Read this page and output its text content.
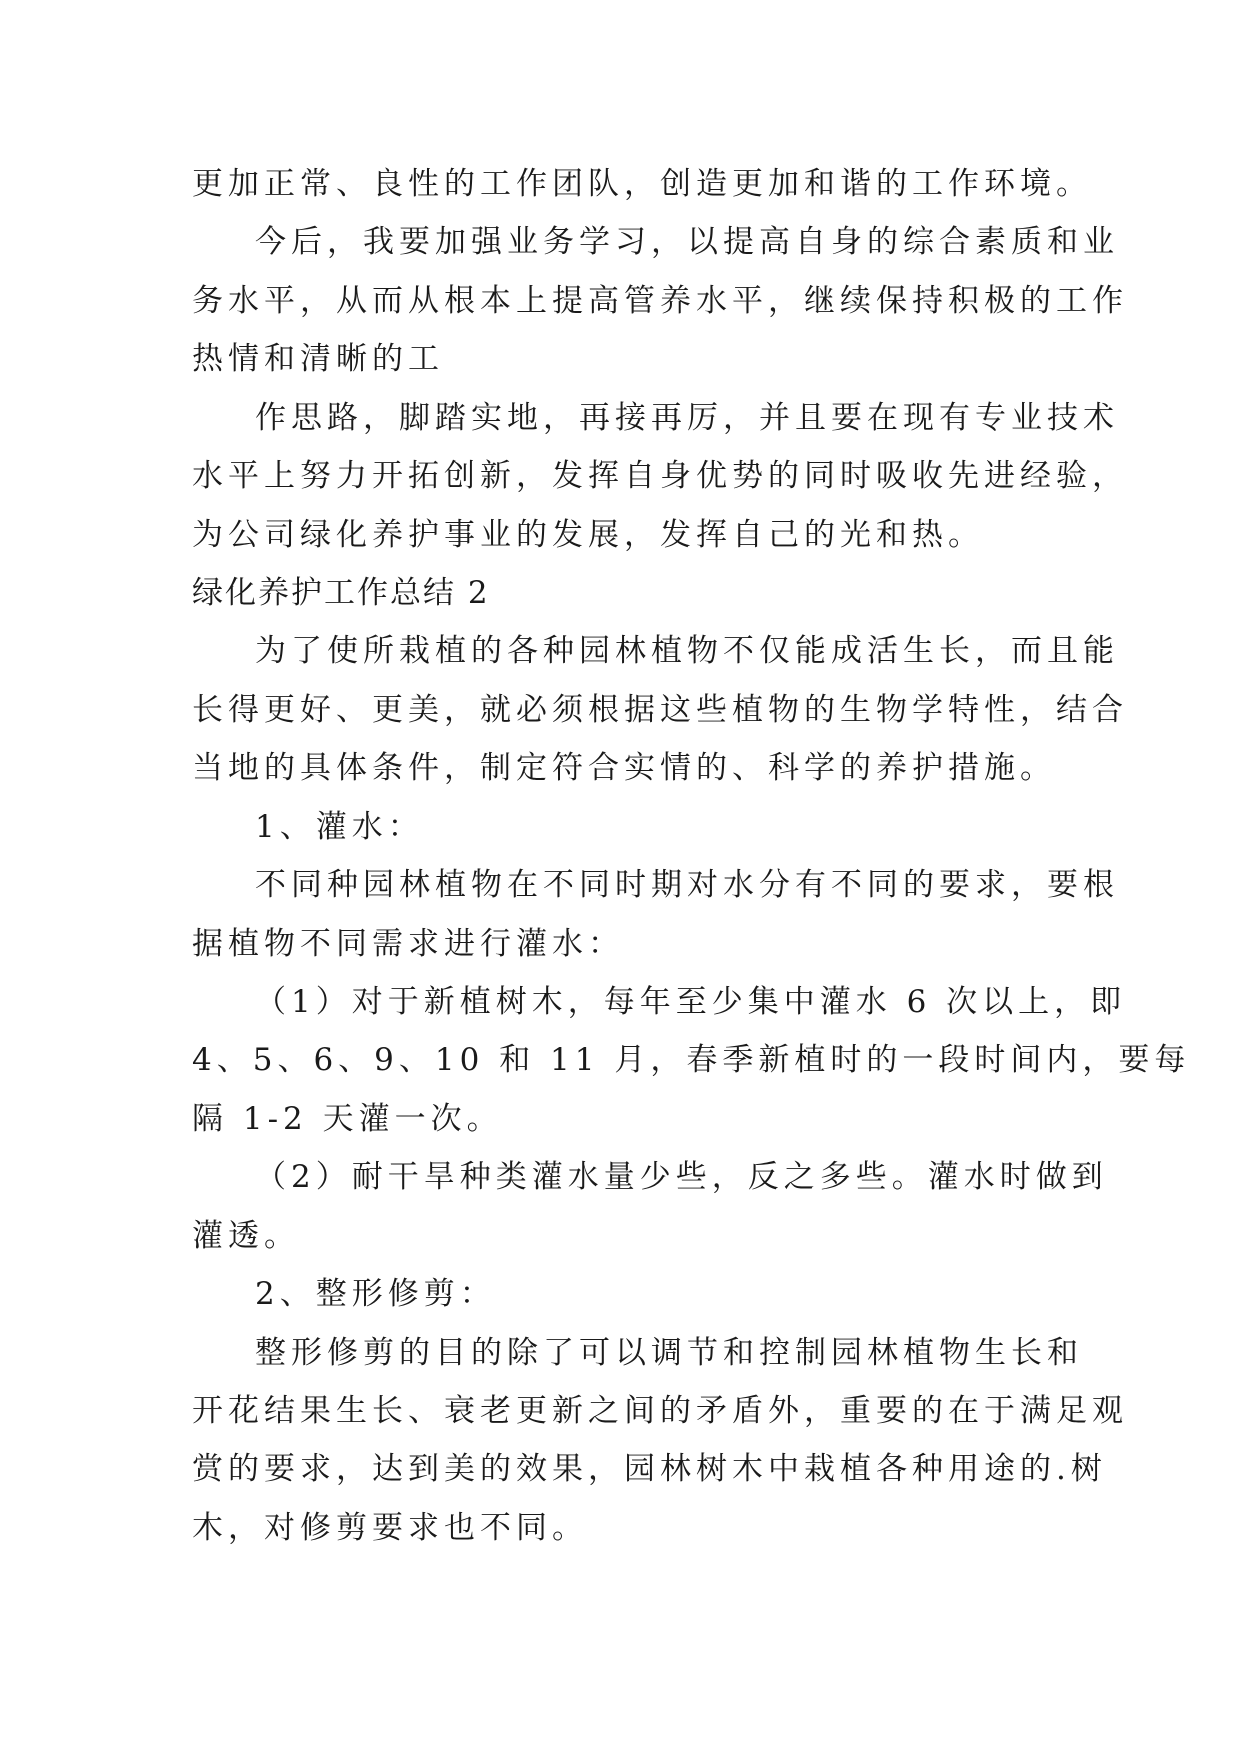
更加正常、良性的工作团队，创造更加和谐的工作环境。
今后，我要加强业务学习，以提高自身的综合素质和业
务水平，从而从根本上提高管养水平，继续保持积极的工作
热情和清晰的工
作思路，脚踏实地，再接再厉，并且要在现有专业技术
水平上努力开拓创新，发挥自身优势的同时吸收先进经验，
为公司绿化养护事业的发展，发挥自己的光和热。
绿化养护工作总结 2
为了使所栽植的各种园林植物不仅能成活生长，而且能
长得更好、更美，就必须根据这些植物的生物学特性，结合
当地的具体条件，制定符合实情的、科学的养护措施。
1、灌水：
不同种园林植物在不同时期对水分有不同的要求，要根
据植物不同需求进行灌水：
（1）对于新植树木，每年至少集中灌水 6 次以上，即
4、5、6、9、10 和 11 月，春季新植时的一段时间内，要每
隔 1-2 天灌一次。
（2）耐干旱种类灌水量少些，反之多些。灌水时做到
灌透。
2、整形修剪：
整形修剪的目的除了可以调节和控制园林植物生长和
开花结果生长、衰老更新之间的矛盾外，重要的在于满足观
赏的要求，达到美的效果，园林树木中栽植各种用途的.树
木，对修剪要求也不同。
